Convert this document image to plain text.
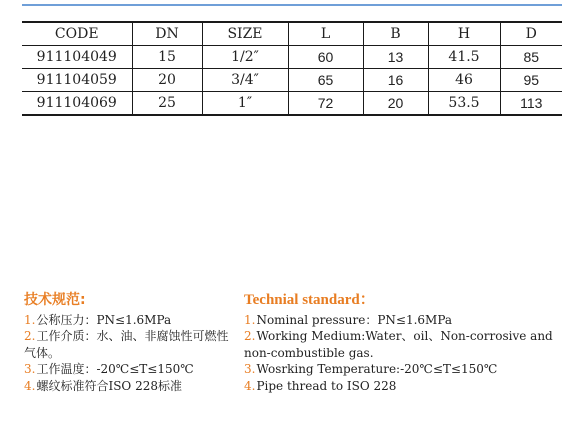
CODE	DN	SIZE	L	B	H	D
911104049	15	1/2″	60	13	41.5	85
911104059	20	3/4″	65	16	46	95
911104069	25	1″	72	20	53.5	113
技术规范:
1.公称压力：PN≤1.6MPa
2.工作介质：水、油、非腐蚀性可燃性气体。
3.工作温度：-20℃≤T≤150℃
4.螺纹标准符合ISO 228标准
Technial standard：
1.Nominal pressure：PN≤1.6MPa
2.Working Medium:Water、oil、Non-corrosive and non-combustible gas.
3.Wosrking Temperature:-20℃≤T≤150℃
4.Pipe thread to ISO 228
